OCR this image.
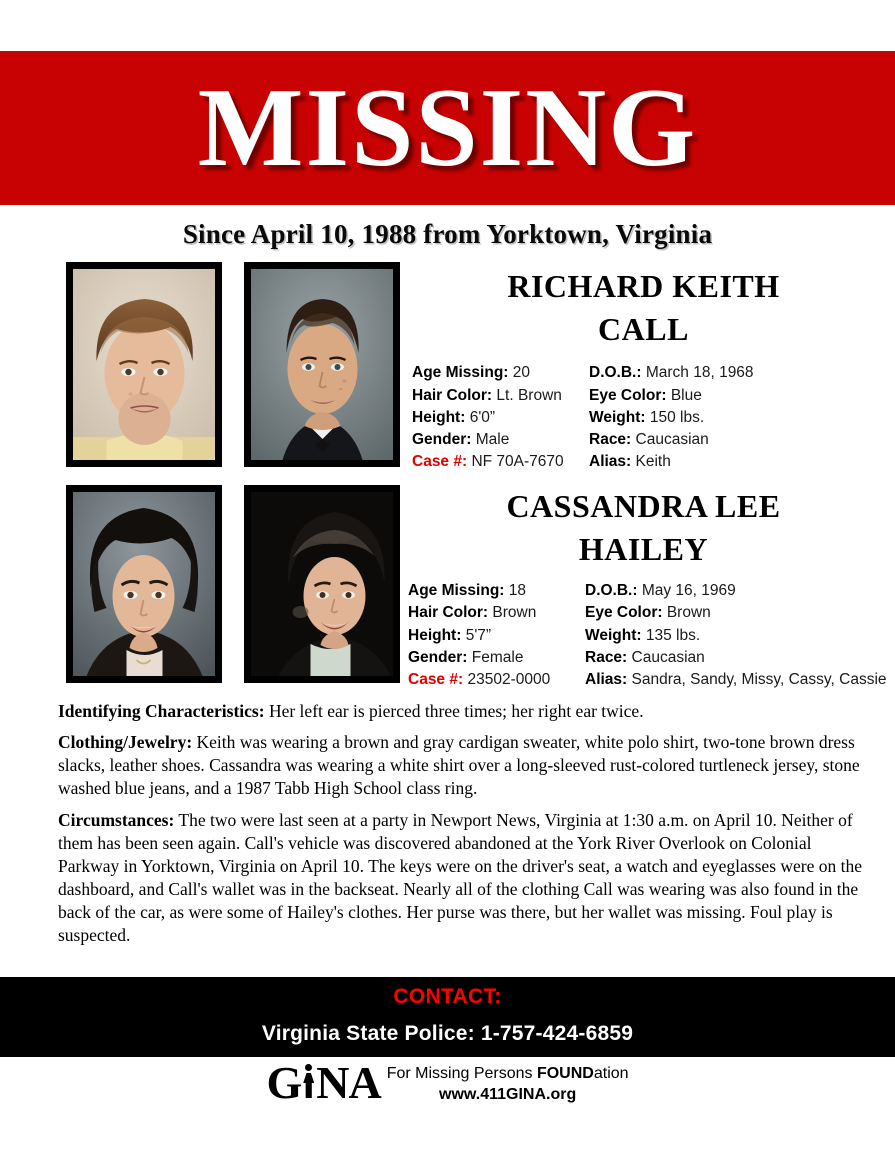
MISSING
Since April 10, 1988 from Yorktown, Virginia
RICHARD KEITH
CALL
Age Missing: 20	D.O.B.: March 18, 1968
Hair Color: Lt. Brown	Eye Color: Blue
Height: 6'0”	Weight: 150 lbs.
Gender: Male	Race: Caucasian
Case #: NF 70A-7670	Alias: Keith
CASSANDRA LEE
HAILEY
Age Missing: 18	D.O.B.: May 16, 1969
Hair Color: Brown	Eye Color: Brown
Height: 5'7”	Weight: 135 lbs.
Gender: Female	Race: Caucasian
Case #: 23502-0000	Alias: Sandra, Sandy, Missy, Cassy, Cassie

Identifying Characteristics: Her left ear is pierced three times; her right ear twice.

Clothing/Jewelry: Keith was wearing a brown and gray cardigan sweater, white polo shirt, two-tone brown dress slacks, leather shoes. Cassandra was wearing a white shirt over a long-sleeved rust-colored turtleneck jersey, stone washed blue jeans, and a 1987 Tabb High School class ring.

Circumstances: The two were last seen at a party in Newport News, Virginia at 1:30 a.m. on April 10. Neither of them has been seen again. Call's vehicle was discovered abandoned at the York River Overlook on Colonial Parkway in Yorktown, Virginia on April 10. The keys were on the driver's seat, a watch and eyeglasses were on the dashboard, and Call's wallet was in the backseat. Nearly all of the clothing Call was wearing was also found in the back of the car, as were some of Hailey's clothes. Her purse was there, but her wallet was missing. Foul play is suspected.

CONTACT:
Virginia State Police: 1-757-424-6859
G N A For Missing Persons FOUNDation
www.411GINA.org
